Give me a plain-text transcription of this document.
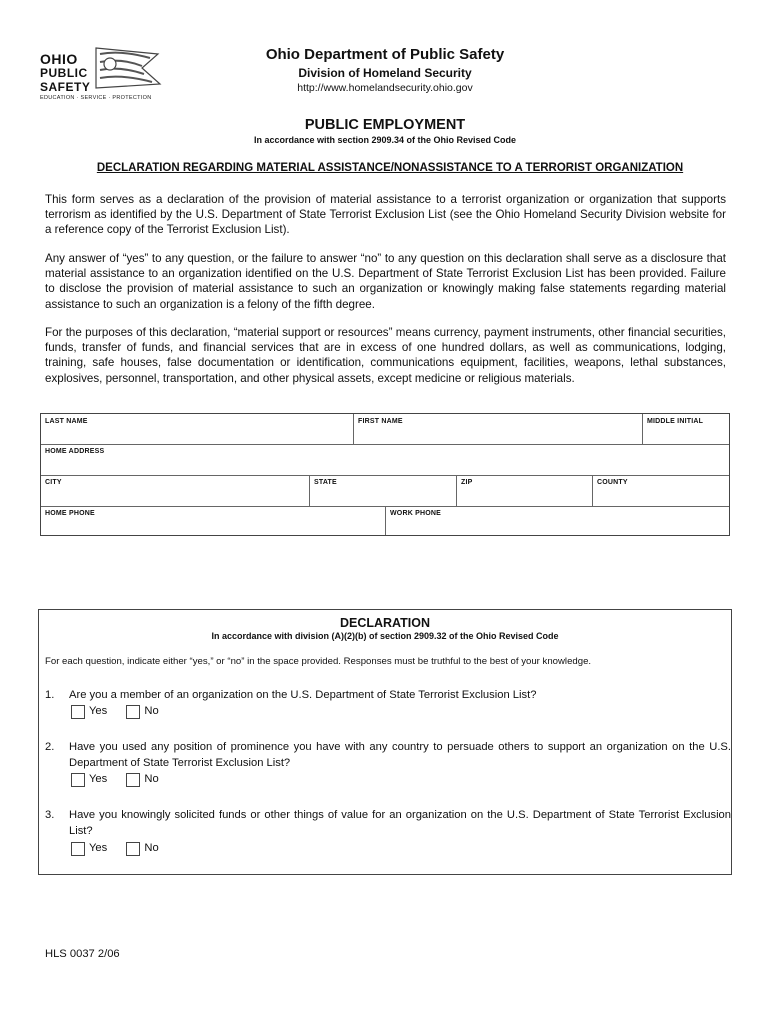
OHIO
PUBLIC
SAFETY
EDUCATION · SERVICE · PROTECTION
Ohio Department of Public Safety
Division of Homeland Security
http://www.homelandsecurity.ohio.gov
PUBLIC EMPLOYMENT
In accordance with section 2909.34 of the Ohio Revised Code
DECLARATION REGARDING MATERIAL ASSISTANCE/NONASSISTANCE TO A TERRORIST ORGANIZATION
This form serves as a declaration of the provision of material assistance to a terrorist organization or organization that supports terrorism as identified by the U.S. Department of State Terrorist Exclusion List (see the Ohio Homeland Security Division website for a reference copy of the Terrorist Exclusion List).
Any answer of “yes” to any question, or the failure to answer “no” to any question on this declaration shall serve as a disclosure that material assistance to an organization identified on the U.S. Department of State Terrorist Exclusion List has been provided. Failure to disclose the provision of material assistance to such an organization or knowingly making false statements regarding material assistance to such an organization is a felony of the fifth degree.
For the purposes of this declaration, “material support or resources” means currency, payment instruments, other financial securities, funds, transfer of funds, and financial services that are in excess of one hundred dollars, as well as communications, lodging, training, safe houses, false documentation or identification, communications equipment, facilities, weapons, lethal substances, explosives, personnel, transportation, and other physical assets, except medicine or religious materials.
LAST NAME	FIRST NAME	MIDDLE INITIAL
HOME ADDRESS
CITY	STATE	ZIP	COUNTY
HOME PHONE	WORK PHONE
DECLARATION
In accordance with division (A)(2)(b) of section 2909.32 of the Ohio Revised Code
For each question, indicate either “yes,” or “no” in the space provided. Responses must be truthful to the best of your knowledge.
1. Are you a member of an organization on the U.S. Department of State Terrorist Exclusion List?
Yes	No
2. Have you used any position of prominence you have with any country to persuade others to support an organization on the U.S. Department of State Terrorist Exclusion List?
Yes	No
3. Have you knowingly solicited funds or other things of value for an organization on the U.S. Department of State Terrorist Exclusion List?
Yes	No
HLS 0037 2/06
